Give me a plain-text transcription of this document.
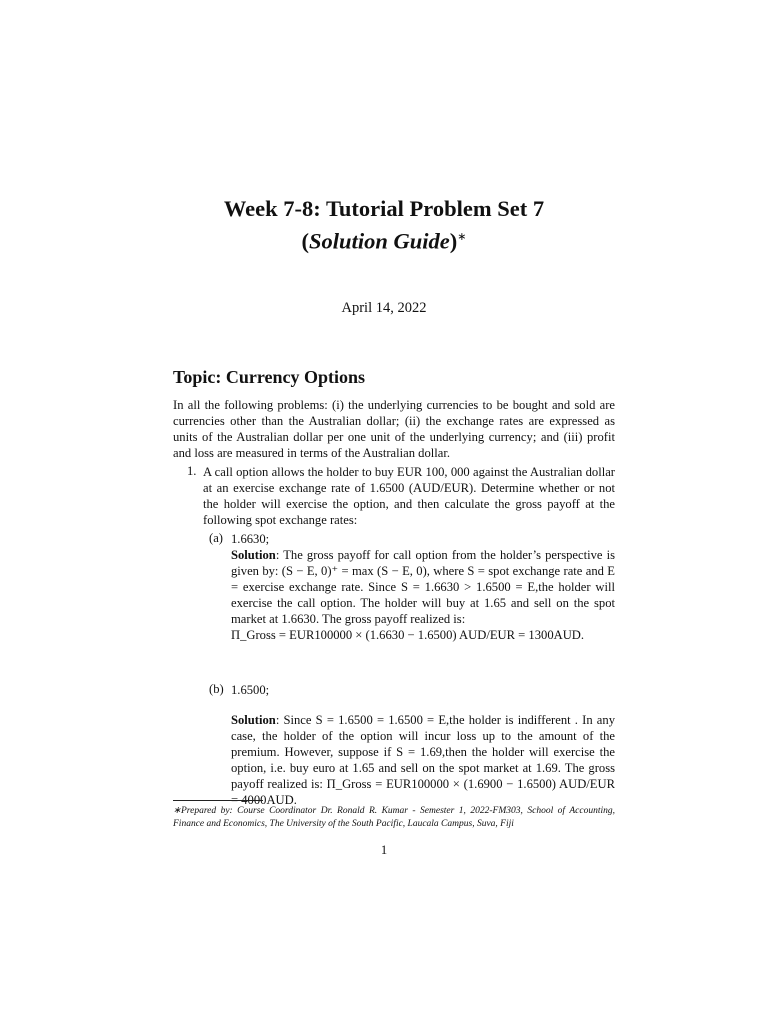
Week 7-8: Tutorial Problem Set 7
(Solution Guide)∗
April 14, 2022
Topic: Currency Options
In all the following problems: (i) the underlying currencies to be bought and sold are currencies other than the Australian dollar; (ii) the exchange rates are expressed as units of the Australian dollar per one unit of the underlying currency; and (iii) profit and loss are measured in terms of the Australian dollar.
1. A call option allows the holder to buy EUR 100, 000 against the Australian dollar at an exercise exchange rate of 1.6500 (AUD/EUR). Determine whether or not the holder will exercise the option, and then calculate the gross payoff at the following spot exchange rates:
(a) 1.6630;
Solution: The gross payoff for call option from the holder’s perspective is given by: (S − E, 0)⁺ = max (S − E, 0), where S = spot exchange rate and E = exercise exchange rate. Since S = 1.6630 > 1.6500 = E,the holder will exercise the call option. The holder will buy at 1.65 and sell on the spot market at 1.6630. The gross payoff realized is:
Π_Gross = EUR100000 × (1.6630 − 1.6500) AUD/EUR = 1300AUD.
(b) 1.6500;
Solution: Since S = 1.6500 = 1.6500 = E,the holder is indifferent . In any case, the holder of the option will incur loss up to the amount of the premium. However, suppose if S = 1.69,then the holder will exercise the option, i.e. buy euro at 1.65 and sell on the spot market at 1.69. The gross payoff realized is: Π_Gross = EUR100000 × (1.6900 − 1.6500) AUD/EUR = 4000AUD.
∗Prepared by: Course Coordinator Dr. Ronald R. Kumar - Semester 1, 2022-FM303, School of Accounting, Finance and Economics, The University of the South Pacific, Laucala Campus, Suva, Fiji
1
